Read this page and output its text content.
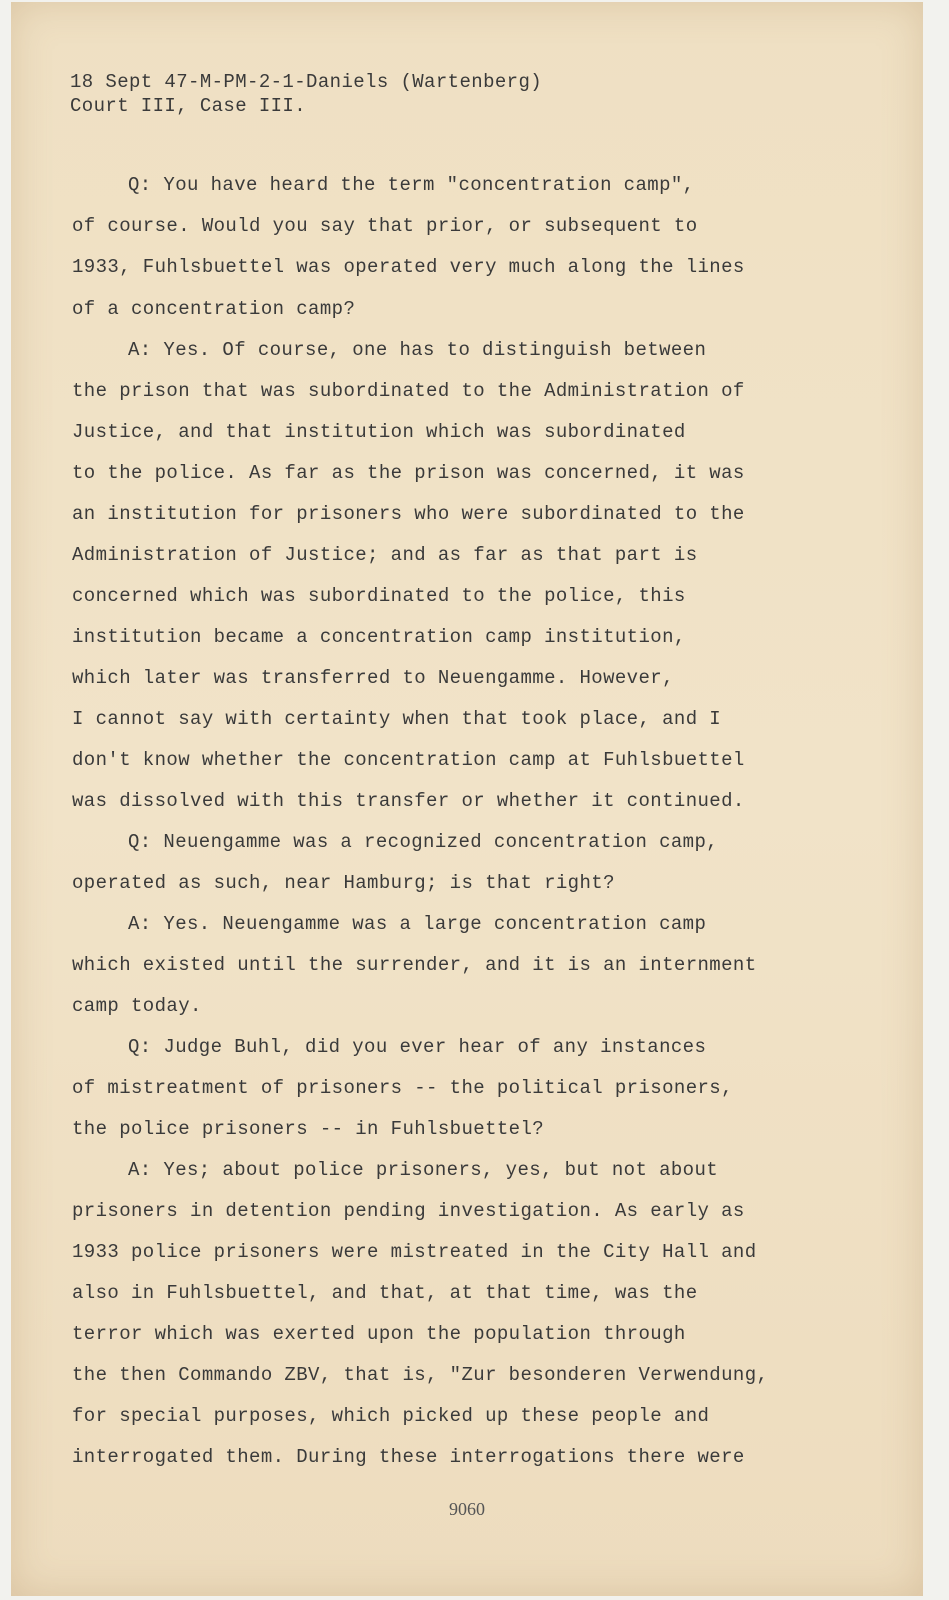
18 Sept 47-M-PM-2-1-Daniels (Wartenberg)
Court III, Case III.
Q: You have heard the term "concentration camp",
of course. Would you say that prior, or subsequent to
1933, Fuhlsbuettel was operated very much along the lines
of a concentration camp?
A: Yes. Of course, one has to distinguish between
the prison that was subordinated to the Administration of
Justice, and that institution which was subordinated
to the police. As far as the prison was concerned, it was
an institution for prisoners who were subordinated to the
Administration of Justice; and as far as that part is
concerned which was subordinated to the police, this
institution became a concentration camp institution,
which later was transferred to Neuengamme. However,
I cannot say with certainty when that took place, and I
don't know whether the concentration camp at Fuhlsbuettel
was dissolved with this transfer or whether it continued.
Q: Neuengamme was a recognized concentration camp,
operated as such, near Hamburg; is that right?
A: Yes. Neuengamme was a large concentration camp
which existed until the surrender, and it is an internment
camp today.
Q: Judge Buhl, did you ever hear of any instances
of mistreatment of prisoners -- the political prisoners,
the police prisoners -- in Fuhlsbuettel?
A: Yes; about police prisoners, yes, but not about
prisoners in detention pending investigation. As early as
1933 police prisoners were mistreated in the City Hall and
also in Fuhlsbuettel, and that, at that time, was the
terror which was exerted upon the population through
the then Commando ZBV, that is, "Zur besonderen Verwendung,
for special purposes, which picked up these people and
interrogated them. During these interrogations there were
9060
